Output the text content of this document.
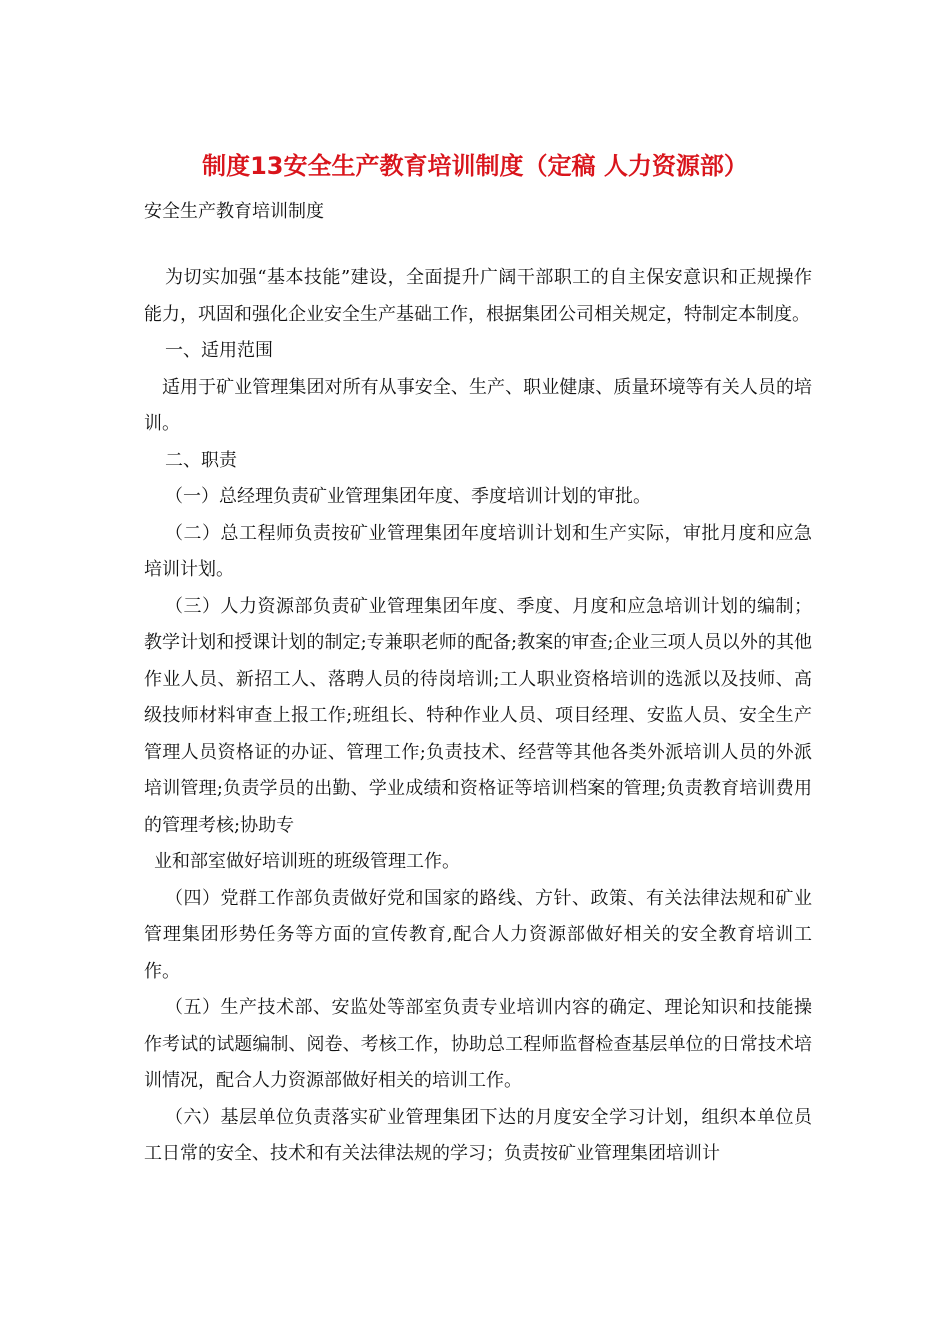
制度13安全生产教育培训制度（定稿 人力资源部）
安全生产教育培训制度

为切实加强“基本技能”建设，全面提升广阔干部职工的自主保安意识和正规操作能力，巩固和强化企业安全生产基础工作，根据集团公司相关规定，特制定本制度。

一、适用范围

适用于矿业管理集团对所有从事安全、生产、职业健康、质量环境等有关人员的培训。

二、职责

（一）总经理负责矿业管理集团年度、季度培训计划的审批。

（二）总工程师负责按矿业管理集团年度培训计划和生产实际，审批月度和应急培训计划。

（三）人力资源部负责矿业管理集团年度、季度、月度和应急培训计划的编制；教学计划和授课计划的制定;专兼职老师的配备;教案的审查;企业三项人员以外的其他作业人员、新招工人、落聘人员的待岗培训;工人职业资格培训的选派以及技师、高级技师材料审查上报工作;班组长、特种作业人员、项目经理、安监人员、安全生产管理人员资格证的办证、管理工作;负责技术、经营等其他各类外派培训人员的外派培训管理;负责学员的出勤、学业成绩和资格证等培训档案的管理;负责教育培训费用的管理考核;协助专

业和部室做好培训班的班级管理工作。

（四）党群工作部负责做好党和国家的路线、方针、政策、有关法律法规和矿业管理集团形势任务等方面的宣传教育,配合人力资源部做好相关的安全教育培训工作。

（五）生产技术部、安监处等部室负责专业培训内容的确定、理论知识和技能操作考试的试题编制、阅卷、考核工作，协助总工程师监督检查基层单位的日常技术培训情况，配合人力资源部做好相关的培训工作。

（六）基层单位负责落实矿业管理集团下达的月度安全学习计划，组织本单位员工日常的安全、技术和有关法律法规的学习；负责按矿业管理集团培训计
